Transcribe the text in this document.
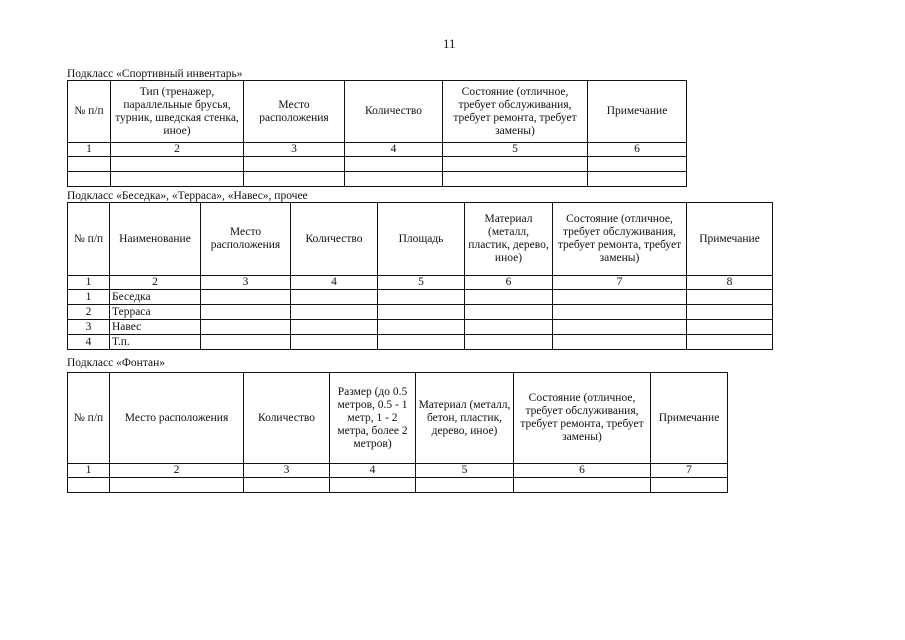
11
Подкласс «Спортивный инвентарь»
№ п/п	Тип (тренажер, параллельные брусья, турник, шведская стенка, иное)	Место расположения	Количество	Состояние (отличное, требует обслуживания, требует ремонта, требует замены)	Примечание
1	2	3	4	5	6

Подкласс «Беседка», «Терраса», «Навес», прочее
№ п/п	Наименование	Место расположения	Количество	Площадь	Материал (металл, пластик, дерево, иное)	Состояние (отличное, требует обслуживания, требует ремонта, требует замены)	Примечание
1	2	3	4	5	6	7	8
1	Беседка						
2	Терраса						
3	Навес						
4	Т.п.						
Подкласс «Фонтан»
№ п/п	Место расположения	Количество	Размер (до 0.5 метров, 0.5 - 1 метр, 1 - 2 метра, более 2 метров)	Материал (металл, бетон, пластик, дерево, иное)	Состояние (отличное, требует обслуживания, требует ремонта, требует замены)	Примечание
1	2	3	4	5	6	7
